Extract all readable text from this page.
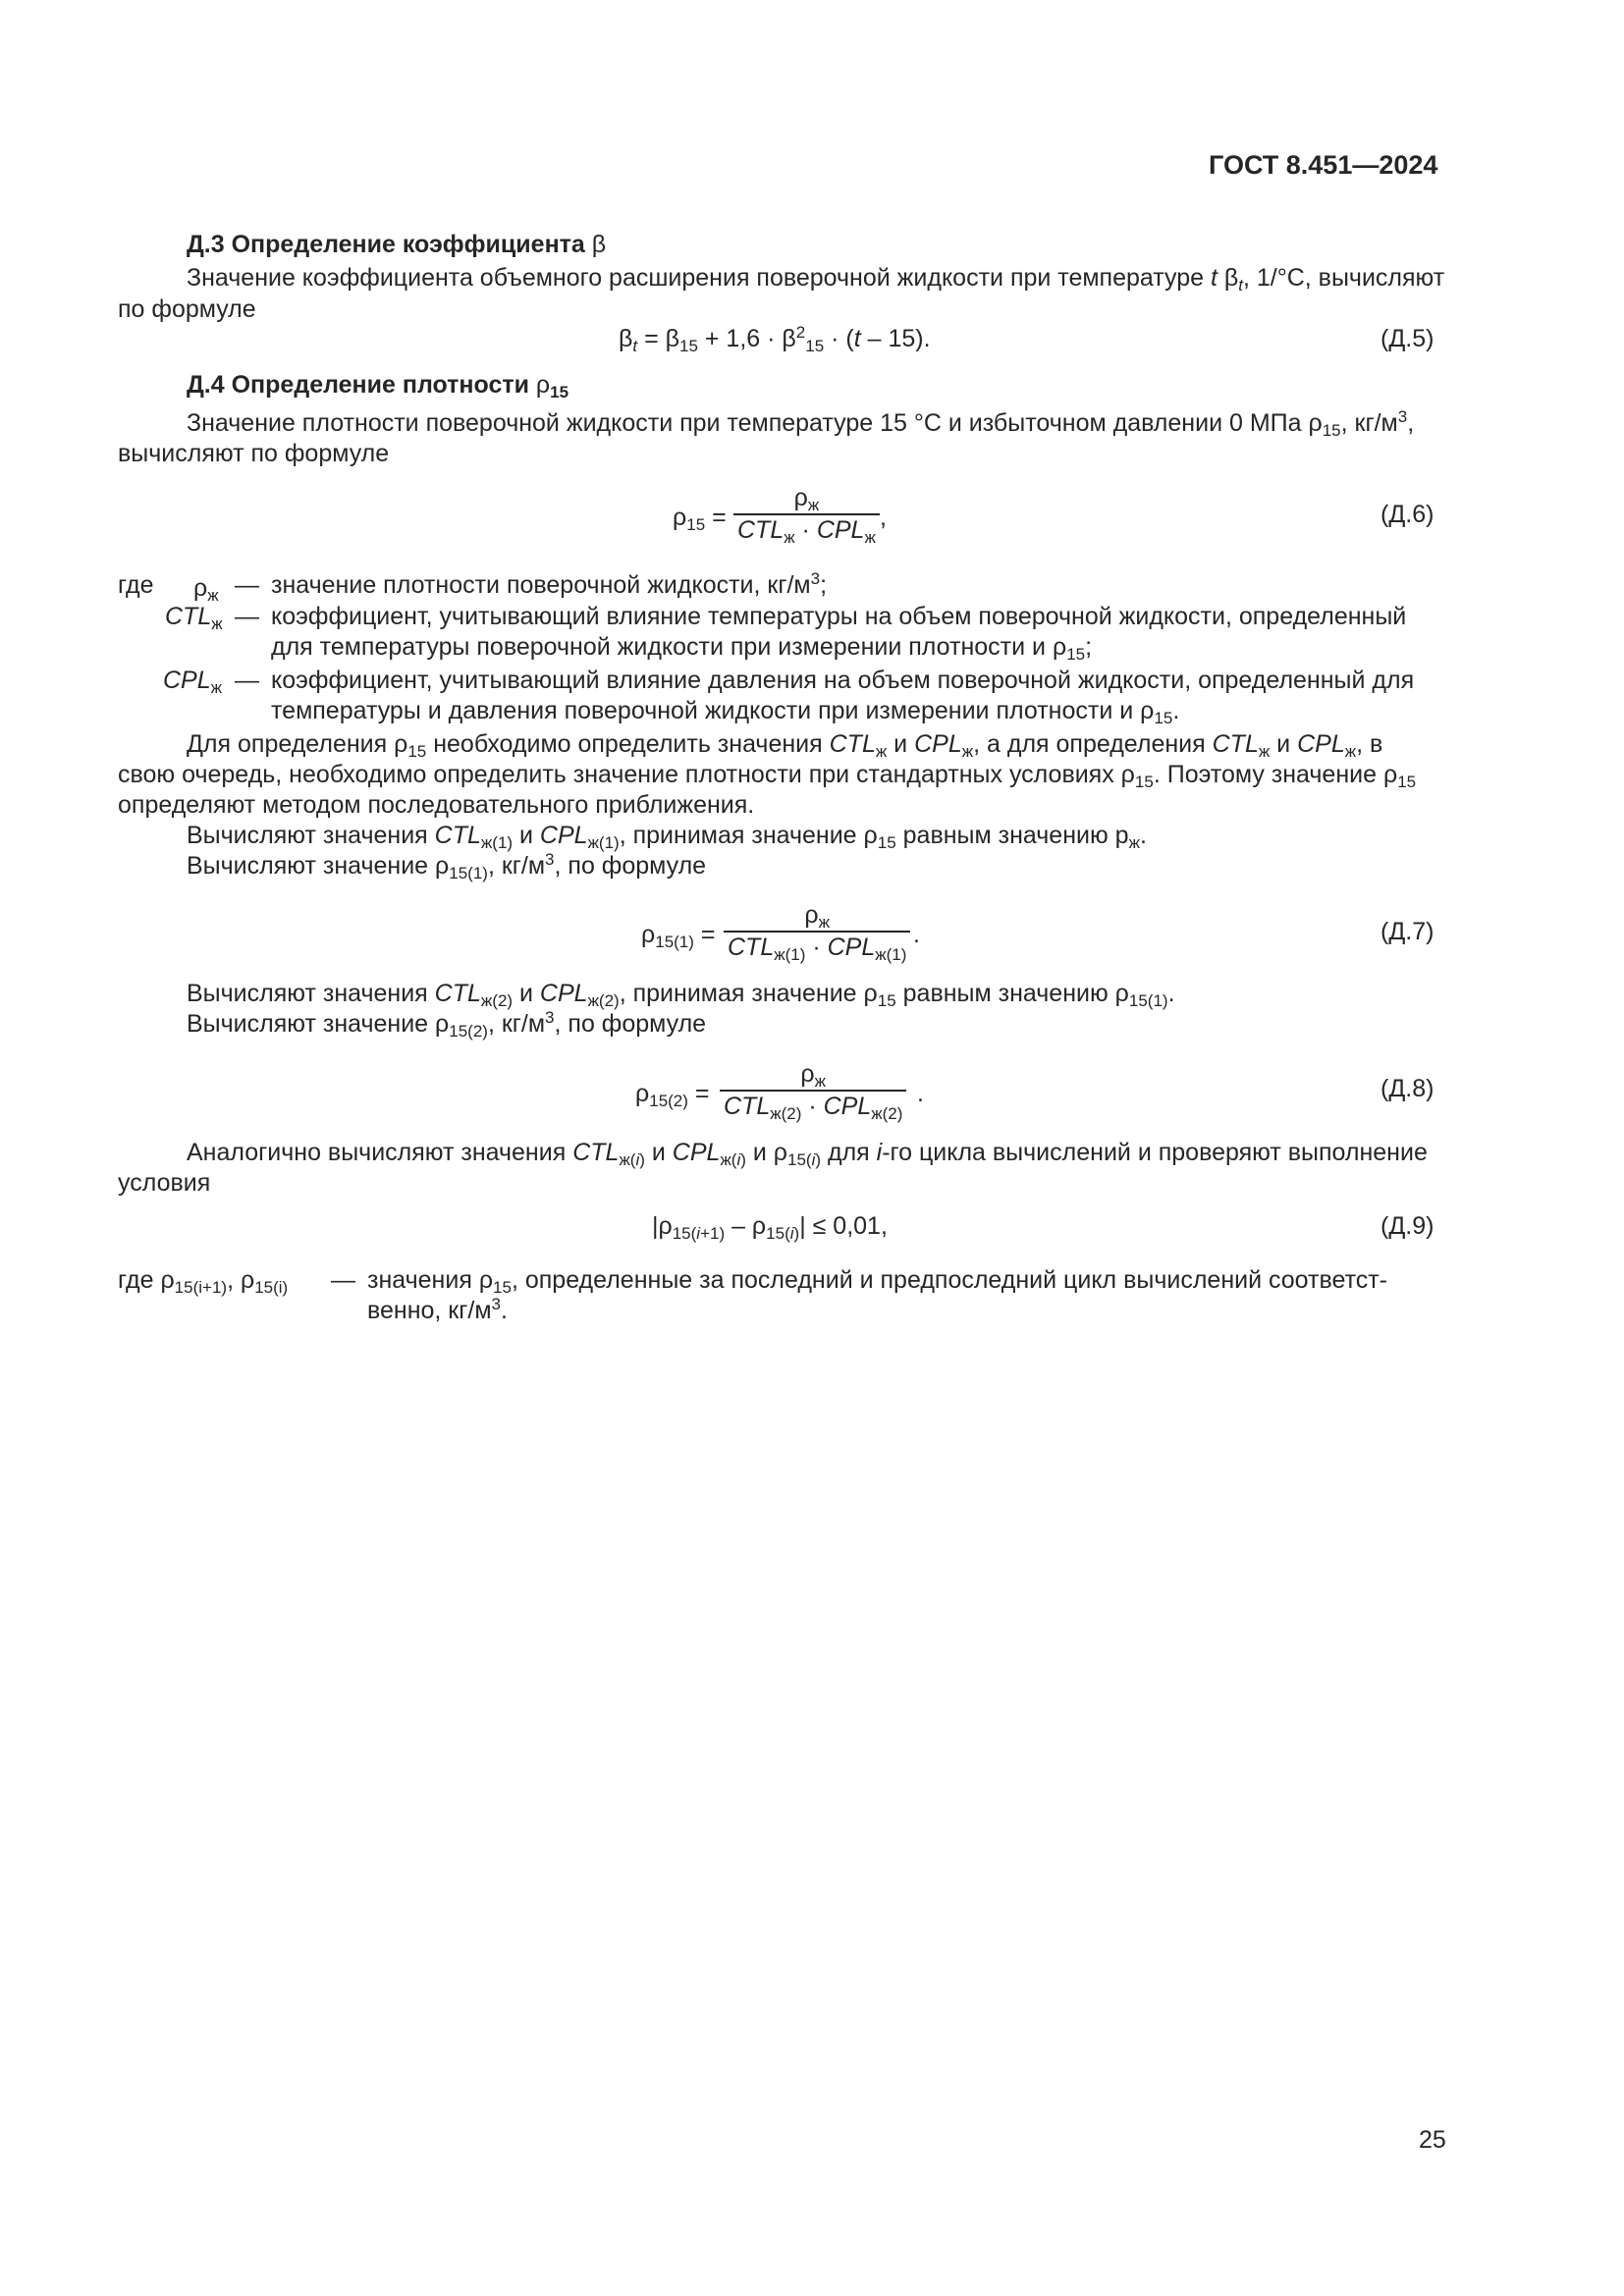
ГОСТ 8.451—2024
Д.3 Определение коэффициента β
Значение коэффициента объемного расширения поверочной жидкости при температуре t $\beta_t$, 1/°С, вычисляют
по формуле
$\beta_t = \beta_{15} + 1,6 \cdot \beta^2_{15} \cdot (t - 15)$.	(Д.5)
Д.4 Определение плотности $\rho_{15}$
Значение плотности поверочной жидкости при температуре 15 °С и избыточном давлении 0 МПа $\rho_{15}$, $кг/м^3$,
вычисляют по формуле
$\rho_{15}$ =
$\rho_ж$
$CTL_ж \cdot CPL_ж$
,	(Д.6)
где $\rho_ж$ — значение плотности поверочной жидкости, $кг/м^3$;
$CTL_ж$ — коэффициент, учитывающий влияние температуры на объем поверочной жидкости, определенный
для температуры поверочной жидкости при измерении плотности и $\rho_{15}$;
$CPL_ж$ — коэффициент, учитывающий влияние давления на объем поверочной жидкости, определенный для
температуры и давления поверочной жидкости при измерении плотности и $\rho_{15}$.
Для определения $\rho_{15}$ необходимо определить значения $CTL_ж$ и $CPL_ж$, а для определения $CTL_ж$ и $CPL_ж$, в
свою очередь, необходимо определить значение плотности при стандартных условиях $\rho_{15}$. Поэтому значение $\rho_{15}$
определяют методом последовательного приближения.
Вычисляют значения $CTL_{ж(1)}$ и $CPL_{ж(1)}$, принимая значение $\rho_{15}$ равным значению $р_ж$.
Вычисляют значение $\rho_{15(1)}$, $кг/м^3$, по формуле
$\rho_{15(1)}$ =
$\rho_ж$
$CTL_{ж(1)} \cdot CPL_{ж(1)}$
.	(Д.7)
Вычисляют значения $CTL_{ж(2)}$ и $CPL_{ж(2)}$, принимая значение $\rho_{15}$ равным значению $\rho_{15(1)}$.
Вычисляют значение $\rho_{15(2)}$, $кг/м^3$, по формуле
$\rho_{15(2)}$ =
$\rho_ж$
$CTL_{ж(2)} \cdot CPL_{ж(2)}$
.	(Д.8)
Аналогично вычисляют значения $CTL_{ж(i)}$ и $CPL_{ж(i)}$ и $\rho_{15(i)}$ для i-го цикла вычислений и проверяют выполнение
условия
$|\rho_{15(i+1)} - \rho_{15(i)}| \le 0,01$,	(Д.9)
где $\rho_{15(i+1)}$, $\rho_{15(i)}$ — значения $\rho_{15}$, определенные за последний и предпоследний цикл вычислений соответст-
венно, $кг/м^3$.
25
